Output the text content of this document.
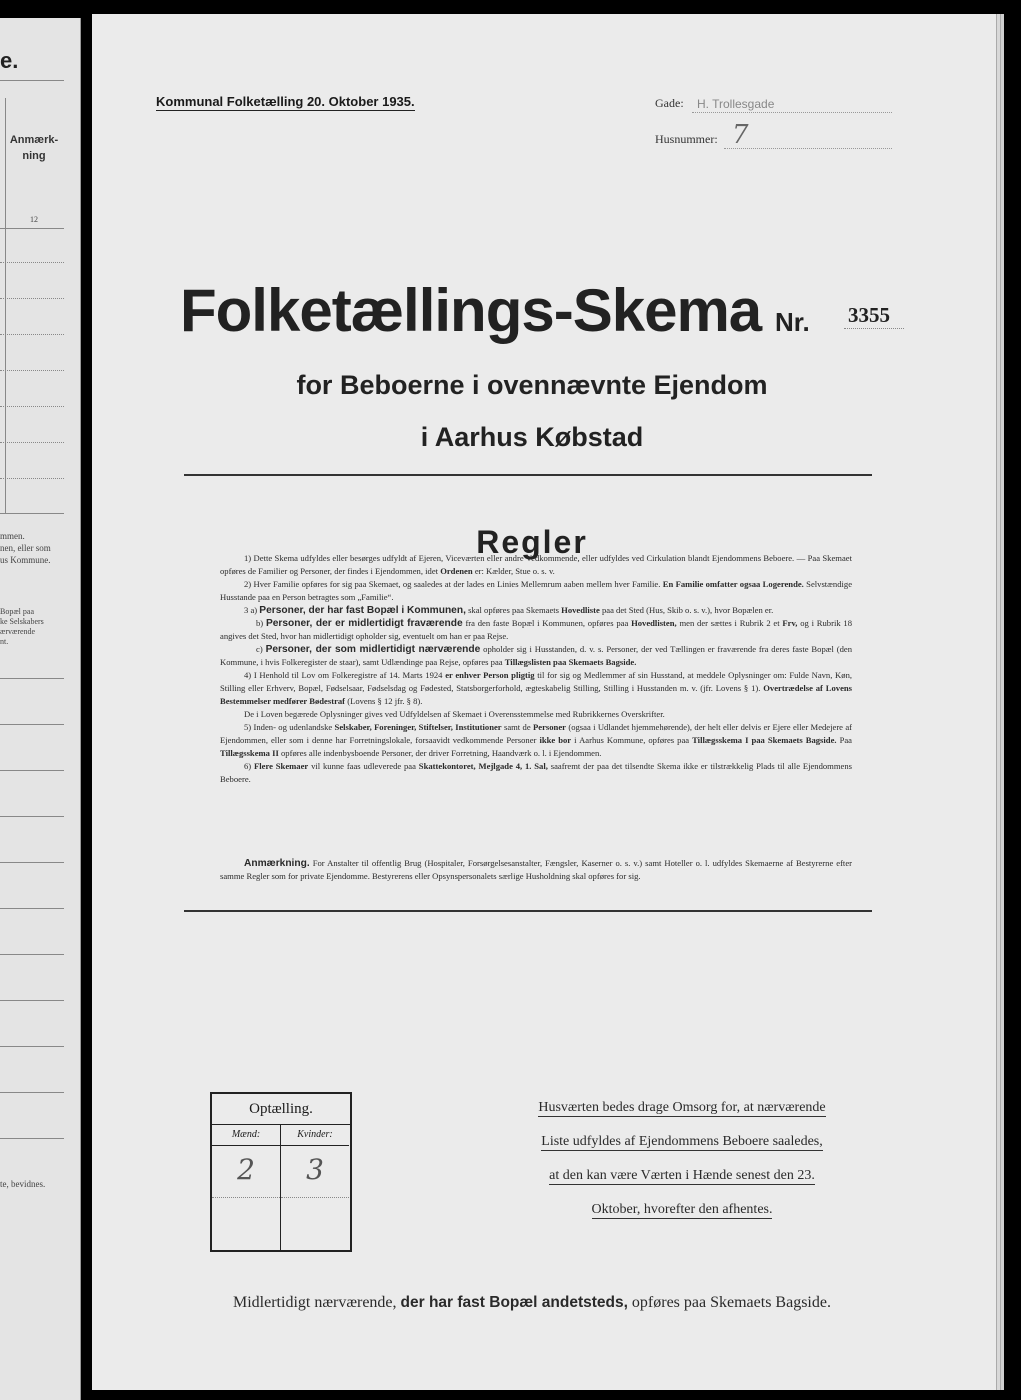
e.
Anmærk-
ning
12
mmen.
nen, eller som
us Kommune.
Bopæl paa
ke Selskabers
ærværende
nt.
te, bevidnes.
Kommunal Folketælling 20. Oktober 1935.	Gade: H. Trollesgade
Husnummer: 7
Folketællings-Skema Nr. 3355
for Beboerne i ovennævnte Ejendom
i Aarhus Købstad
Regler

1) Dette Skema udfyldes eller besørges udfyldt af Ejeren, Viceværten eller andre Vedkommende, eller udfyldes ved Cirkulation blandt Ejendommens Beboere. — Paa Skemaet opføres de Familier og Personer, der findes i Ejendommen, idet Ordenen er: Kælder, Stue o. s. v.

2) Hver Familie opføres for sig paa Skemaet, og saaledes at der lades en Linies Mellemrum aaben mellem hver Familie. En Familie omfatter ogsaa Logerende. Selvstændige Husstande paa en Person betragtes som „Familie“.

3 a) Personer, der har fast Bopæl i Kommunen, skal opføres paa Skemaets Hovedliste paa det Sted (Hus, Skib o. s. v.), hvor Bopælen er.

b) Personer, der er midlertidigt fraværende fra den faste Bopæl i Kommunen, opføres paa Hovedlisten, men der sættes i Rubrik 2 et Frv, og i Rubrik 18 angives det Sted, hvor han midlertidigt opholder sig, eventuelt om han er paa Rejse.

c) Personer, der som midlertidigt nærværende opholder sig i Husstanden, d. v. s. Personer, der ved Tællingen er fraværende fra deres faste Bopæl (den Kommune, i hvis Folkeregister de staar), samt Udlændinge paa Rejse, opføres paa Tillægslisten paa Skemaets Bagside.

4) I Henhold til Lov om Folkeregistre af 14. Marts 1924 er enhver Person pligtig til for sig og Medlemmer af sin Husstand, at meddele Oplysninger om: Fulde Navn, Køn, Stilling eller Erhverv, Bopæl, Fødselsaar, Fødselsdag og Fødested, Statsborgerforhold, ægteskabelig Stilling, Stilling i Husstanden m. v. (jfr. Lovens § 1). Overtrædelse af Lovens Bestemmelser medfører Bødestraf (Lovens § 12 jfr. § 8).

De i Loven begærede Oplysninger gives ved Udfyldelsen af Skemaet i Overensstemmelse med Rubrikkernes Overskrifter.

5) Inden- og udenlandske Selskaber, Foreninger, Stiftelser, Institutioner samt de Personer (ogsaa i Udlandet hjemmehørende), der helt eller delvis er Ejere eller Medejere af Ejendommen, eller som i denne har Forretningslokale, forsaavidt vedkommende Personer ikke bor i Aarhus Kommune, opføres paa Tillægsskema I paa Skemaets Bagside. Paa Tillægsskema II opføres alle indenbysboende Personer, der driver Forretning, Haandværk o. l. i Ejendommen.

6) Flere Skemaer vil kunne faas udleverede paa Skattekontoret, Mejlgade 4, 1. Sal, saafremt der paa det tilsendte Skema ikke er tilstrækkelig Plads til alle Ejendommens Beboere.

Anmærkning. For Anstalter til offentlig Brug (Hospitaler, Forsørgelsesanstalter, Fængsler, Kaserner o. s. v.) samt Hoteller o. l. udfyldes Skemaerne af Bestyrerne efter samme Regler som for private Ejendomme. Bestyrerens eller Opsynspersonalets særlige Husholdning skal opføres for sig.

Optælling.
Mænd:
2
Kvinder:
3
Husværten bedes drage Omsorg for, at nærværende
Liste udfyldes af Ejendommens Beboere saaledes,
at den kan være Værten i Hænde senest den 23.
Oktober, hvorefter den afhentes.
Midlertidigt nærværende, der har fast Bopæl andetsteds, opføres paa Skemaets Bagside.
